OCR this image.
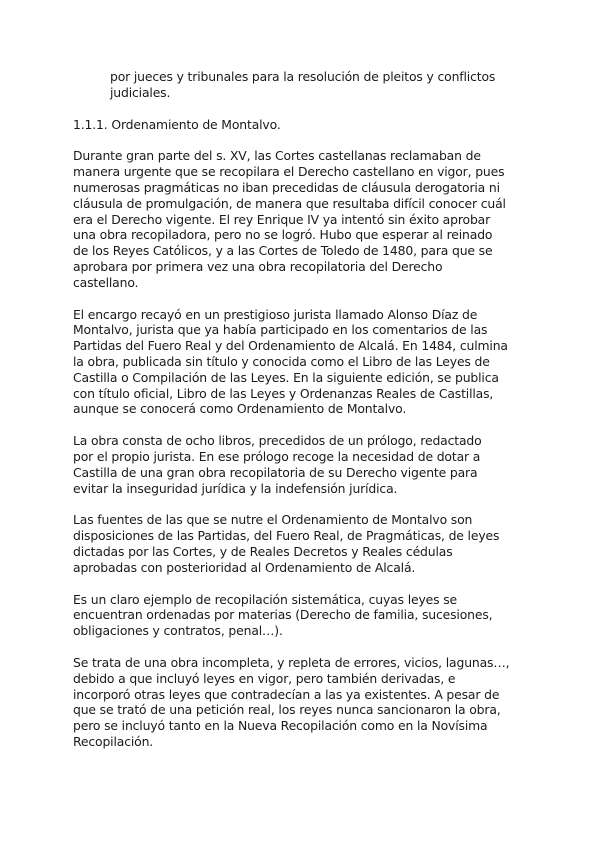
por jueces y tribunales para la resolución de pleitos y conflictos
judiciales.
1.1.1. Ordenamiento de Montalvo.
Durante gran parte del s. XV, las Cortes castellanas reclamaban de
manera urgente que se recopilara el Derecho castellano en vigor, pues
numerosas pragmáticas no iban precedidas de cláusula derogatoria ni
cláusula de promulgación, de manera que resultaba difícil conocer cuál
era el Derecho vigente. El rey Enrique IV ya intentó sin éxito aprobar
una obra recopiladora, pero no se logró. Hubo que esperar al reinado
de los Reyes Católicos, y a las Cortes de Toledo de 1480, para que se
aprobara por primera vez una obra recopilatoria del Derecho
castellano.
El encargo recayó en un prestigioso jurista llamado Alonso Díaz de
Montalvo, jurista que ya había participado en los comentarios de las
Partidas del Fuero Real y del Ordenamiento de Alcalá. En 1484, culmina
la obra, publicada sin título y conocida como el Libro de las Leyes de
Castilla o Compilación de las Leyes. En la siguiente edición, se publica
con título oficial, Libro de las Leyes y Ordenanzas Reales de Castillas,
aunque se conocerá como Ordenamiento de Montalvo.
La obra consta de ocho libros, precedidos de un prólogo, redactado
por el propio jurista. En ese prólogo recoge la necesidad de dotar a
Castilla de una gran obra recopilatoria de su Derecho vigente para
evitar la inseguridad jurídica y la indefensión jurídica.
Las fuentes de las que se nutre el Ordenamiento de Montalvo son
disposiciones de las Partidas, del Fuero Real, de Pragmáticas, de leyes
dictadas por las Cortes, y de Reales Decretos y Reales cédulas
aprobadas con posterioridad al Ordenamiento de Alcalá.
Es un claro ejemplo de recopilación sistemática, cuyas leyes se
encuentran ordenadas por materias (Derecho de familia, sucesiones,
obligaciones y contratos, penal…).
Se trata de una obra incompleta, y repleta de errores, vicios, lagunas…,
debido a que incluyó leyes en vigor, pero también derivadas, e
incorporó otras leyes que contradecían a las ya existentes. A pesar de
que se trató de una petición real, los reyes nunca sancionaron la obra,
pero se incluyó tanto en la Nueva Recopilación como en la Novísima
Recopilación.
